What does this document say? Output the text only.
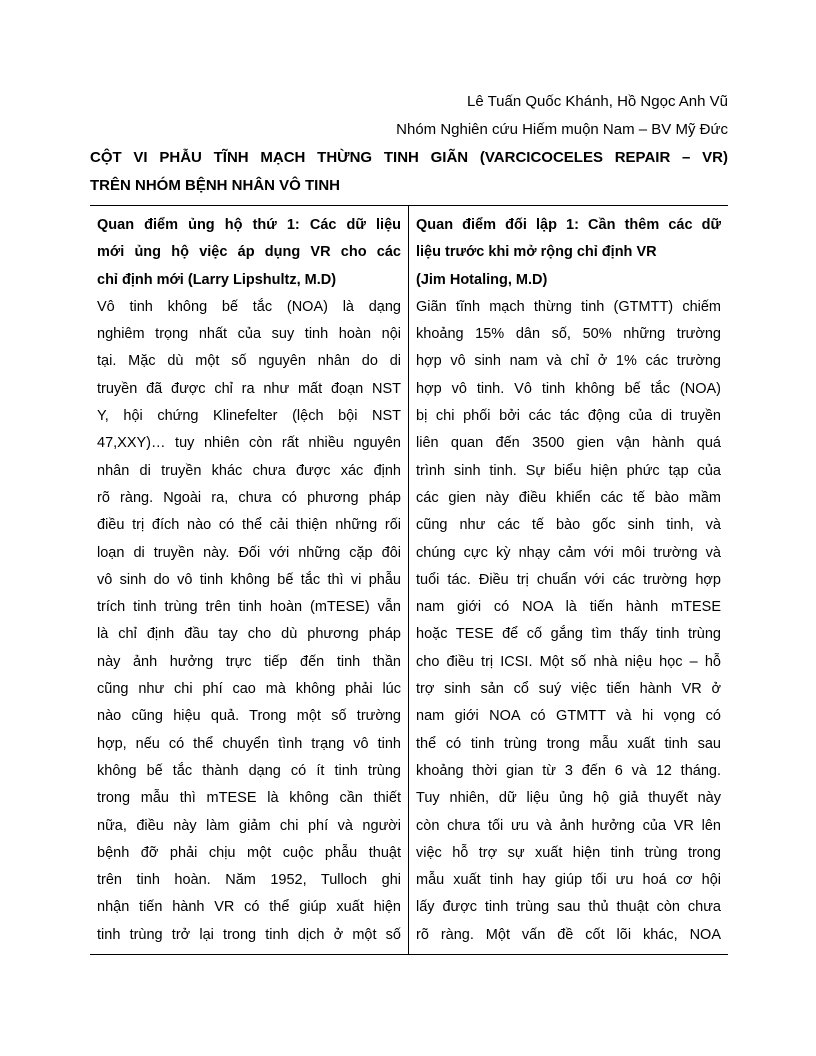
Lê Tuấn Quốc Khánh, Hồ Ngọc Anh Vũ
Nhóm Nghiên cứu Hiếm muộn Nam – BV Mỹ Đức
CỘT VI PHẪU TĨNH MẠCH THỪNG TINH GIÃN (VARCICOCELES REPAIR – VR)
TRÊN NHÓM BỆNH NHÂN VÔ TINH
Quan điểm ủng hộ thứ 1: Các dữ liệu
mới ủng hộ việc áp dụng VR cho các
chỉ định mới (Larry Lipshultz, M.D)
Vô tinh không bế tắc (NOA) là dạng
nghiêm trọng nhất của suy tinh hoàn nội
tại. Mặc dù một số nguyên nhân do di
truyền đã được chỉ ra như mất đoạn NST
Y, hội chứng Klinefelter (lệch bội NST
47,XXY)… tuy nhiên còn rất nhiều nguyên
nhân di truyền khác chưa được xác định
rõ ràng. Ngoài ra, chưa có phương pháp
điều trị đích nào có thể cải thiện những rối
loạn di truyền này. Đối với những cặp đôi
vô sinh do vô tinh không bế tắc thì vi phẫu
trích tinh trùng trên tinh hoàn (mTESE) vẫn
là chỉ định đầu tay cho dù phương pháp
này ảnh hưởng trực tiếp đến tinh thần
cũng như chi phí cao mà không phải lúc
nào cũng hiệu quả. Trong một số trường
hợp, nếu có thể chuyển tình trạng vô tinh
không bế tắc thành dạng có ít tinh trùng
trong mẫu thì mTESE là không cần thiết
nữa, điều này làm giảm chi phí và người
bệnh đỡ phải chịu một cuộc phẫu thuật
trên tinh hoàn. Năm 1952, Tulloch ghi
nhận tiến hành VR có thể giúp xuất hiện
tinh trùng trở lại trong tinh dịch ở một số
Quan điểm đối lập 1: Cần thêm các dữ
liệu trước khi mở rộng chỉ định VR
(Jim Hotaling, M.D)
Giãn tĩnh mạch thừng tinh (GTMTT) chiếm
khoảng 15% dân số, 50% những trường
hợp vô sinh nam và chỉ ở 1% các trường
hợp vô tinh. Vô tinh không bế tắc (NOA)
bị chi phối bởi các tác động của di truyền
liên quan đến 3500 gien vận hành quá
trình sinh tinh. Sự biểu hiện phức tạp của
các gien này điều khiển các tế bào mầm
cũng như các tế bào gốc sinh tinh, và
chúng cực kỳ nhạy cảm với môi trường và
tuổi tác. Điều trị chuẩn với các trường hợp
nam giới có NOA là tiến hành mTESE
hoặc TESE để cố gắng tìm thấy tinh trùng
cho điều trị ICSI. Một số nhà niệu học – hỗ
trợ sinh sản cổ suý việc tiến hành VR ở
nam giới NOA có GTMTT và hi vọng có
thể có tinh trùng trong mẫu xuất tinh sau
khoảng thời gian từ 3 đến 6 và 12 tháng.
Tuy nhiên, dữ liệu ủng hộ giả thuyết này
còn chưa tối ưu và ảnh hưởng của VR lên
việc hỗ trợ sự xuất hiện tinh trùng trong
mẫu xuất tinh hay giúp tối ưu hoá cơ hội
lấy được tinh trùng sau thủ thuật còn chưa
rõ ràng. Một vấn đề cốt lõi khác, NOA
